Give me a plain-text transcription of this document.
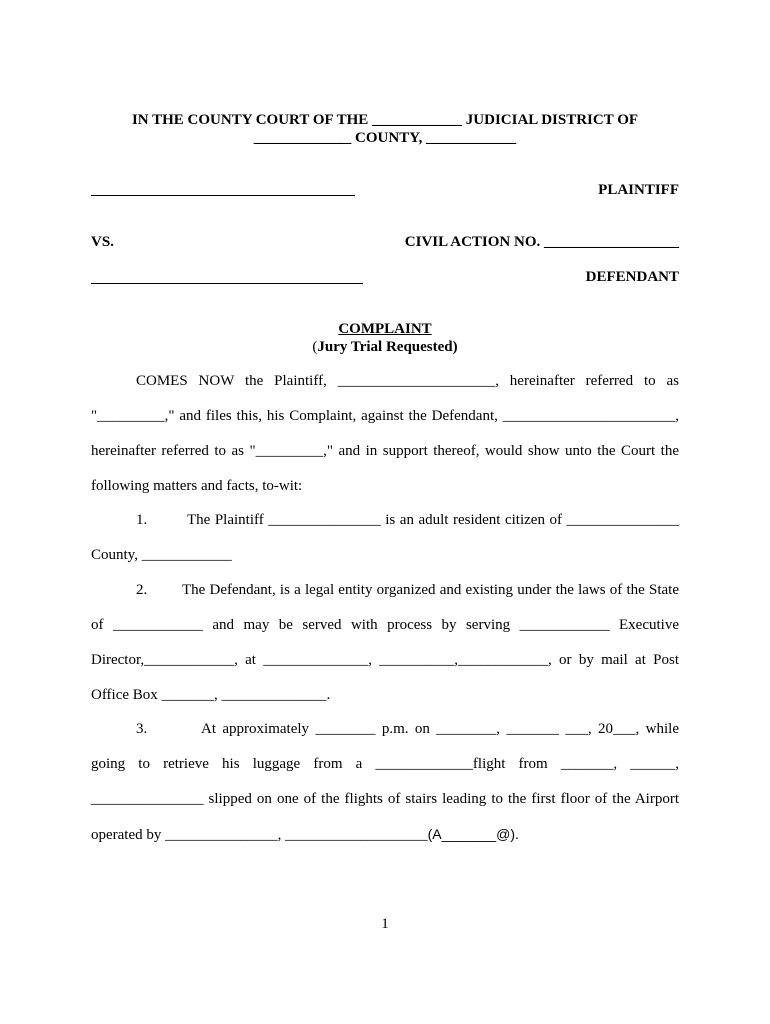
IN THE COUNTY COURT OF THE ____________ JUDICIAL DISTRICT OF
_____________ COUNTY, ____________
PLAINTIFF
VS.	CIVIL ACTION NO. __________________
DEFENDANT
COMPLAINT
(Jury Trial Requested)
COMES NOW the Plaintiff, _____________________, hereinafter referred to as
"_________," and files this, his Complaint, against the Defendant, _______________________,
hereinafter referred to as "_________," and in support thereof, would show unto the Court the
following matters and facts, to-wit:
1.	The Plaintiff _______________ is an adult resident citizen of _______________
County, ____________
2. The Defendant, is a legal entity organized and existing under the laws of the State
of ____________ and may be served with process by serving ____________ Executive
Director,____________, at ______________, __________,____________, or by mail at Post
Office Box _______, ______________.
3.	At approximately ________ p.m. on ________, _______ ___, 20___, while
going to retrieve his luggage from a _____________flight from _______, ______,
_______________ slipped on one of the flights of stairs leading to the first floor of the Airport
operated by _______________, ___________________(A_______@).
1
